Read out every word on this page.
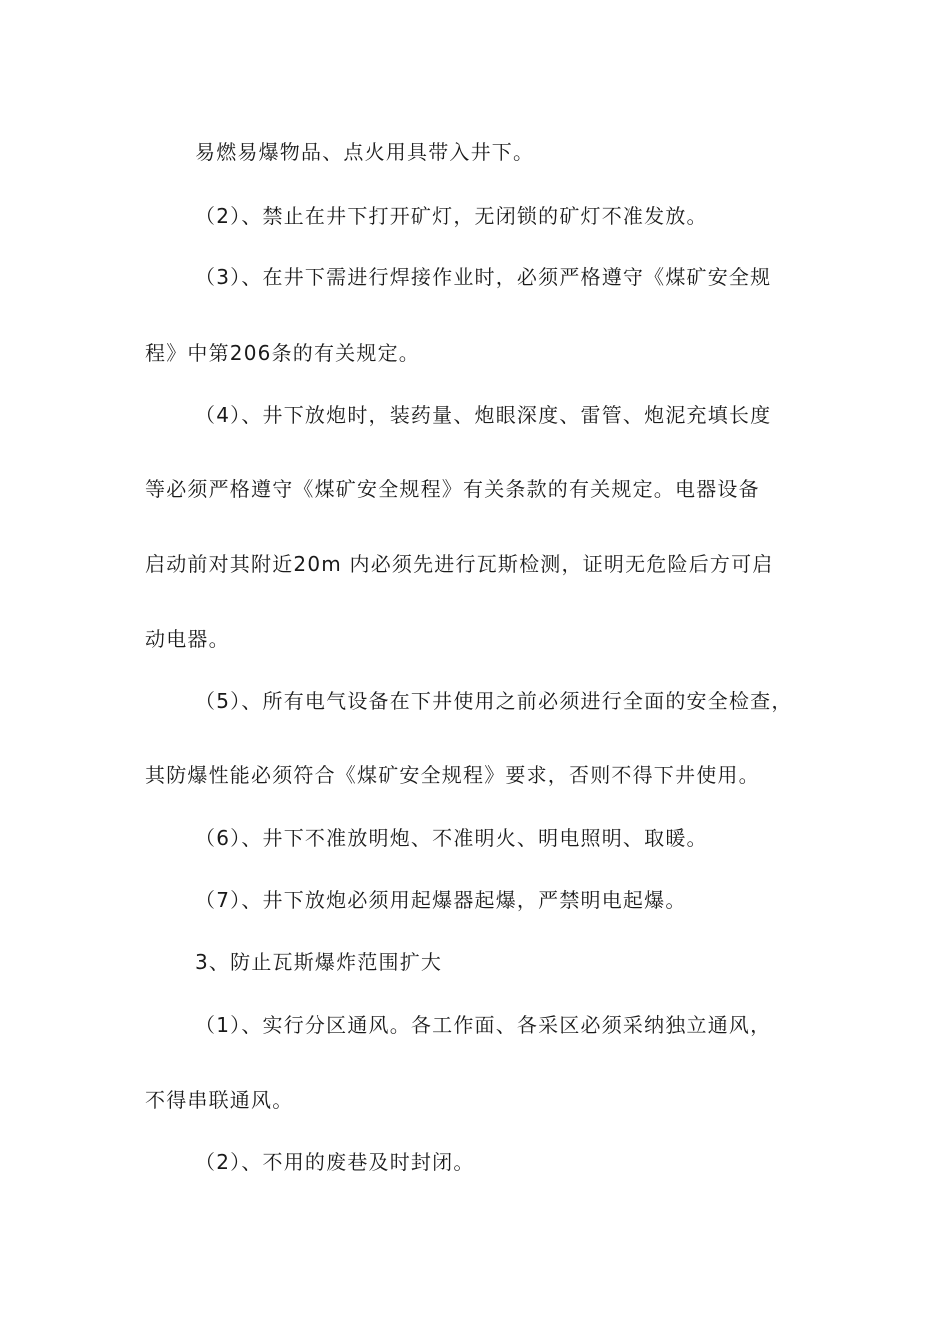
易燃易爆物品、点火用具带入井下。
（2）、禁止在井下打开矿灯，无闭锁的矿灯不准发放。
（3）、在井下需进行焊接作业时，必须严格遵守《煤矿安全规
程》中第206条的有关规定。
（4）、井下放炮时，装药量、炮眼深度、雷管、炮泥充填长度
等必须严格遵守《煤矿安全规程》有关条款的有关规定。电器设备
启动前对其附近20m 内必须先进行瓦斯检测，证明无危险后方可启
动电器。
（5）、所有电气设备在下井使用之前必须进行全面的安全检查，
其防爆性能必须符合《煤矿安全规程》要求，否则不得下井使用。
（6）、井下不准放明炮、不准明火、明电照明、取暖。
（7）、井下放炮必须用起爆器起爆，严禁明电起爆。
3、防止瓦斯爆炸范围扩大
（1）、实行分区通风。各工作面、各采区必须采纳独立通风，
不得串联通风。
（2）、不用的废巷及时封闭。
